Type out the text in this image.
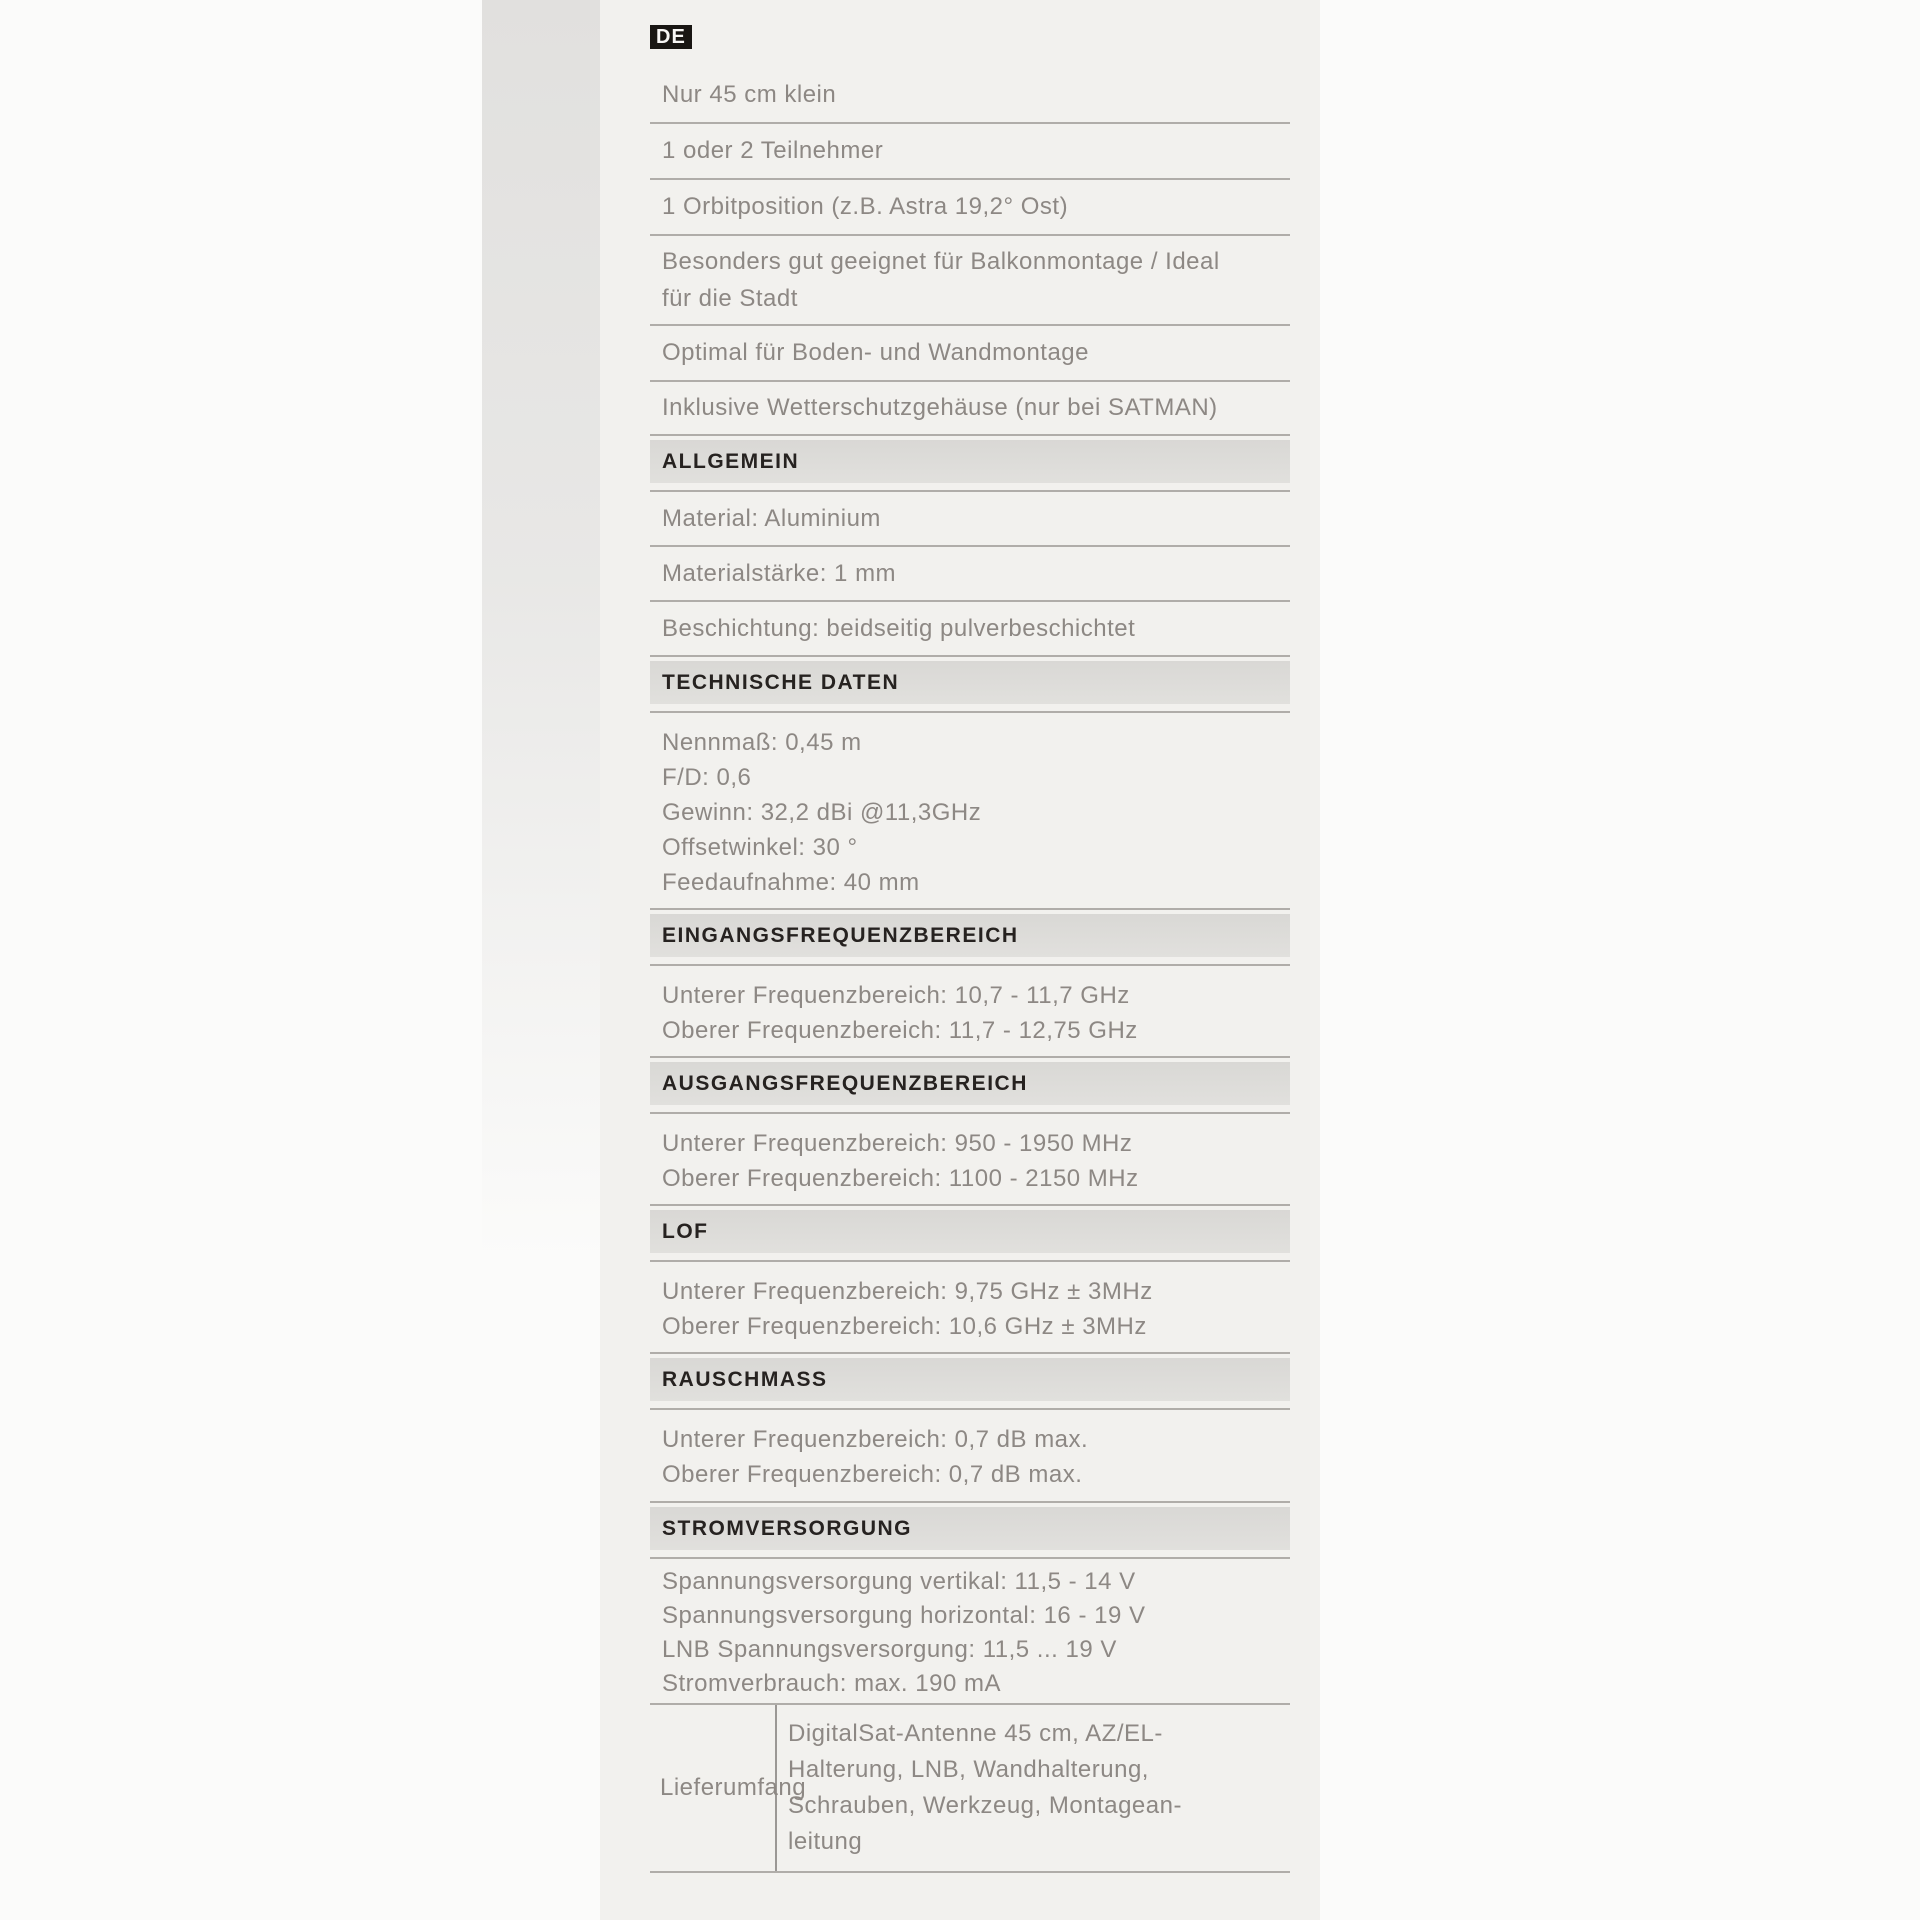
DE
Nur 45 cm klein
1 oder 2 Teilnehmer
1 Orbitposition (z.B. Astra 19,2° Ost)
Besonders gut geeignet für Balkonmontage / Ideal
für die Stadt
Optimal für Boden- und Wandmontage
Inklusive Wetterschutzgehäuse (nur bei SATMAN)
ALLGEMEIN
Material: Aluminium
Materialstärke: 1 mm
Beschichtung: beidseitig pulverbeschichtet
TECHNISCHE DATEN
Nennmaß: 0,45 m
F/D: 0,6
Gewinn: 32,2 dBi @11,3GHz
Offsetwinkel: 30 °
Feedaufnahme: 40 mm
EINGANGSFREQUENZBEREICH
Unterer Frequenzbereich: 10,7 - 11,7 GHz
Oberer Frequenzbereich: 11,7 - 12,75 GHz
AUSGANGSFREQUENZBEREICH
Unterer Frequenzbereich: 950 - 1950 MHz
Oberer Frequenzbereich: 1100 - 2150 MHz
LOF
Unterer Frequenzbereich: 9,75 GHz ± 3MHz
Oberer Frequenzbereich: 10,6 GHz ± 3MHz
RAUSCHMASS
Unterer Frequenzbereich: 0,7 dB max.
Oberer Frequenzbereich: 0,7 dB max.
STROMVERSORGUNG
Spannungsversorgung vertikal: 11,5 - 14 V
Spannungsversorgung horizontal: 16 - 19 V
LNB Spannungsversorgung: 11,5 ... 19 V
Stromverbrauch: max. 190 mA
Lieferumfang
DigitalSat-Antenne 45 cm, AZ/EL-
Halterung, LNB, Wandhalterung,
Schrauben, Werkzeug, Montagean-
leitung
